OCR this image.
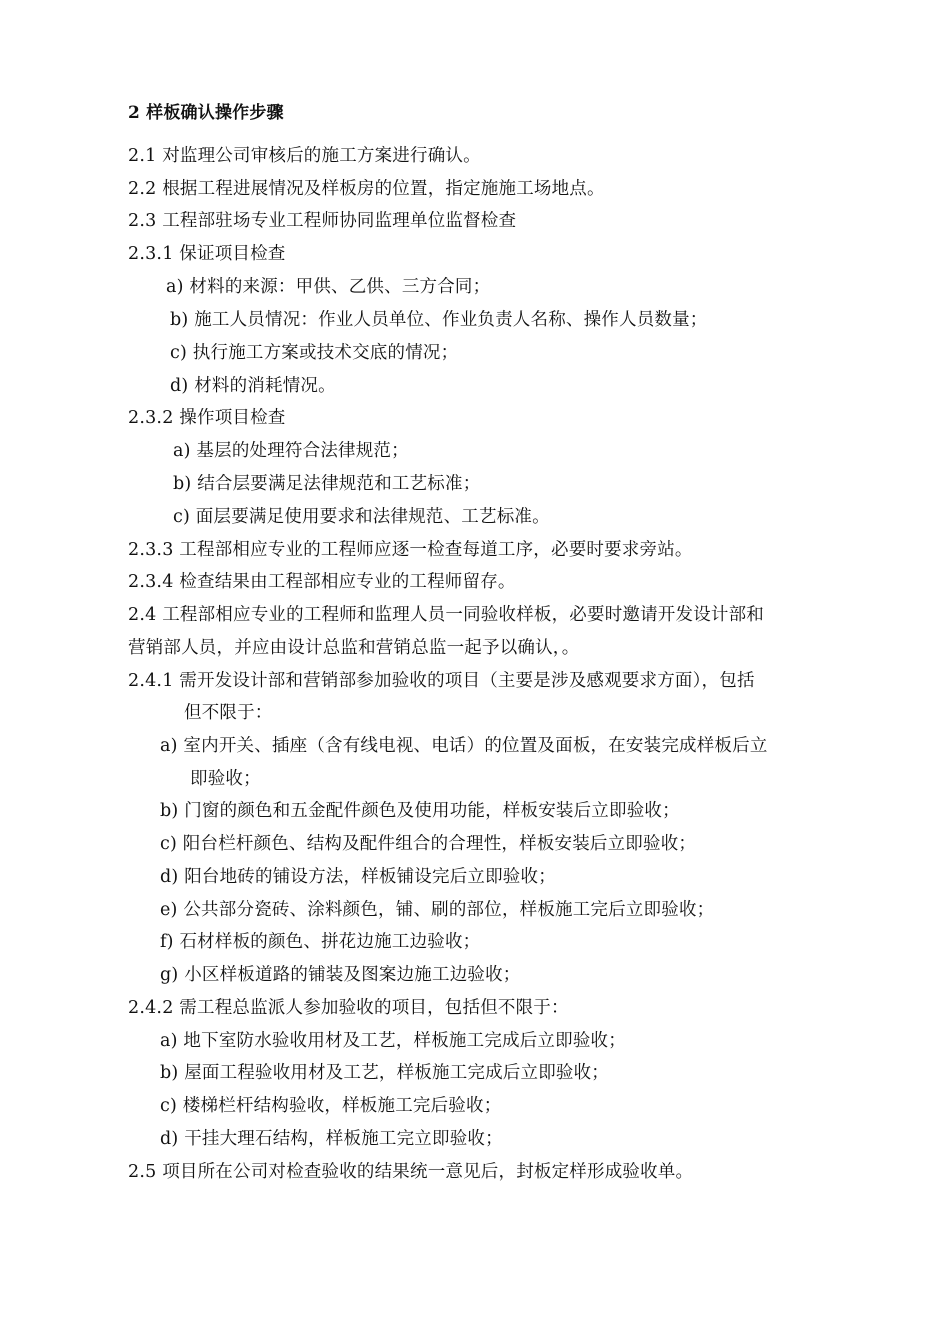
2 样板确认操作步骤
2.1 对监理公司审核后的施工方案进行确认。
2.2 根据工程进展情况及样板房的位置，指定施施工场地点。
2.3 工程部驻场专业工程师协同监理单位监督检查
2.3.1 保证项目检查
a) 材料的来源：甲供、乙供、三方合同；
b) 施工人员情况：作业人员单位、作业负责人名称、操作人员数量；
c) 执行施工方案或技术交底的情况；
d) 材料的消耗情况。
2.3.2 操作项目检查
a) 基层的处理符合法律规范；
b) 结合层要满足法律规范和工艺标准；
c) 面层要满足使用要求和法律规范、工艺标准。
2.3.3 工程部相应专业的工程师应逐一检查每道工序，必要时要求旁站。
2.3.4 检查结果由工程部相应专业的工程师留存。
2.4 工程部相应专业的工程师和监理人员一同验收样板，必要时邀请开发设计部和
营销部人员，并应由设计总监和营销总监一起予以确认，。
2.4.1 需开发设计部和营销部参加验收的项目（主要是涉及感观要求方面），包括
但不限于：
a) 室内开关、插座（含有线电视、电话）的位置及面板，在安装完成样板后立
即验收；
b) 门窗的颜色和五金配件颜色及使用功能，样板安装后立即验收；
c) 阳台栏杆颜色、结构及配件组合的合理性，样板安装后立即验收；
d) 阳台地砖的铺设方法，样板铺设完后立即验收；
e) 公共部分瓷砖、涂料颜色，铺、刷的部位，样板施工完后立即验收；
f) 石材样板的颜色、拼花边施工边验收；
g) 小区样板道路的铺装及图案边施工边验收；
2.4.2 需工程总监派人参加验收的项目，包括但不限于：
a) 地下室防水验收用材及工艺，样板施工完成后立即验收；
b) 屋面工程验收用材及工艺，样板施工完成后立即验收；
c) 楼梯栏杆结构验收，样板施工完后验收；
d) 干挂大理石结构，样板施工完立即验收；
2.5 项目所在公司对检查验收的结果统一意见后，封板定样形成验收单。
